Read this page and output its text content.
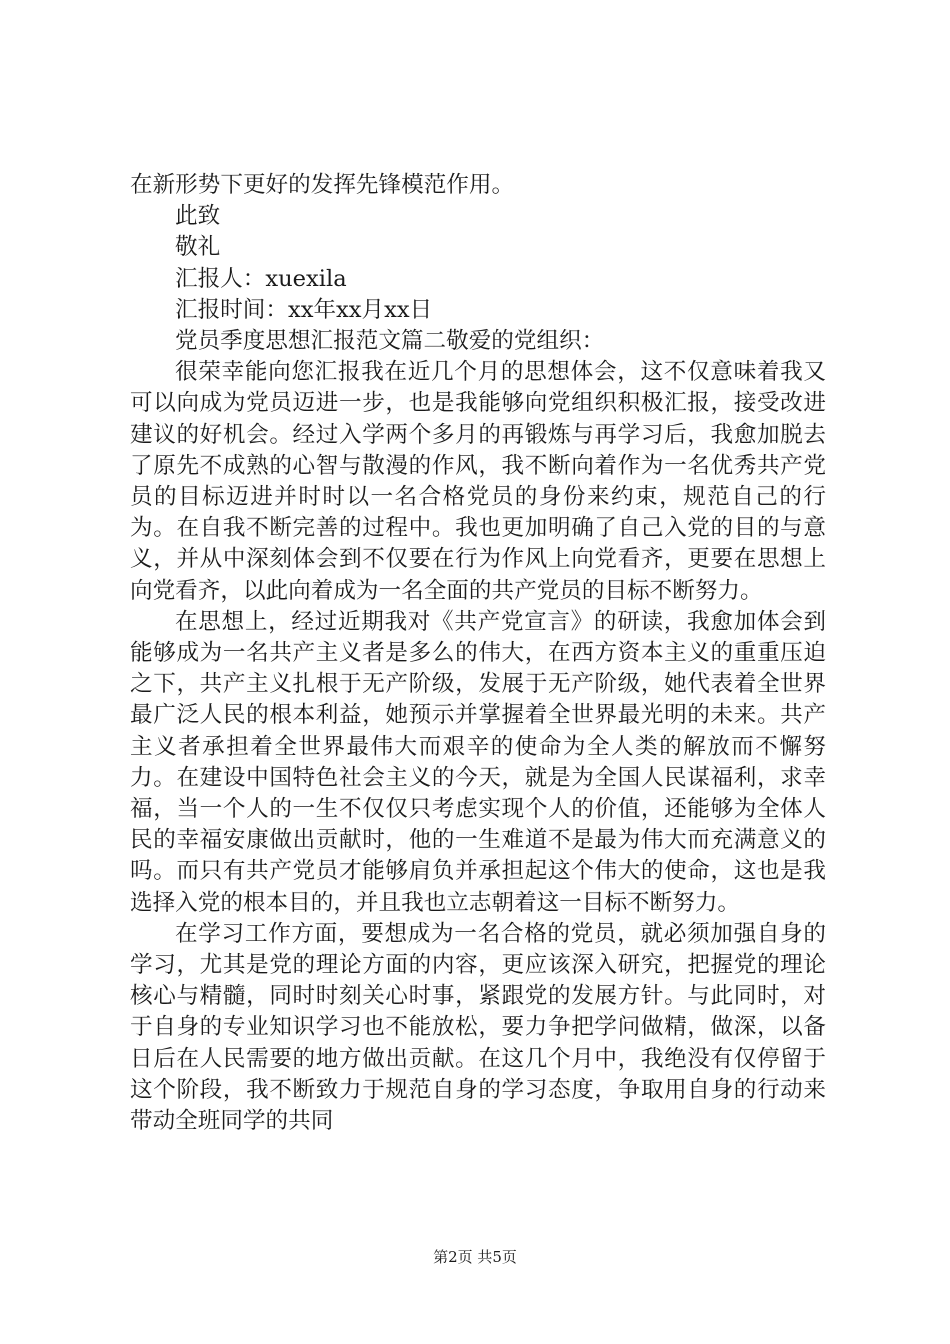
在新形势下更好的发挥先锋模范作用。
此致
敬礼
汇报人：xuexila
汇报时间：xx年xx月xx日
党员季度思想汇报范文篇二敬爱的党组织：

很荣幸能向您汇报我在近几个月的思想体会，这不仅意味着我又可以向成为党员迈进一步，也是我能够向党组织积极汇报，接受改进建议的好机会。经过入学两个多月的再锻炼与再学习后，我愈加脱去了原先不成熟的心智与散漫的作风，我不断向着作为一名优秀共产党员的目标迈进并时时以一名合格党员的身份来约束，规范自己的行为。在自我不断完善的过程中。我也更加明确了自己入党的目的与意义，并从中深刻体会到不仅要在行为作风上向党看齐，更要在思想上向党看齐，以此向着成为一名全面的共产党员的目标不断努力。

在思想上，经过近期我对《共产党宣言》的研读，我愈加体会到能够成为一名共产主义者是多么的伟大，在西方资本主义的重重压迫之下，共产主义扎根于无产阶级，发展于无产阶级，她代表着全世界最广泛人民的根本利益，她预示并掌握着全世界最光明的未来。共产主义者承担着全世界最伟大而艰辛的使命为全人类的解放而不懈努力。在建设中国特色社会主义的今天，就是为全国人民谋福利，求幸福，当一个人的一生不仅仅只考虑实现个人的价值，还能够为全体人民的幸福安康做出贡献时，他的一生难道不是最为伟大而充满意义的吗。而只有共产党员才能够肩负并承担起这个伟大的使命，这也是我选择入党的根本目的，并且我也立志朝着这一目标不断努力。

在学习工作方面，要想成为一名合格的党员，就必须加强自身的学习，尤其是党的理论方面的内容，更应该深入研究，把握党的理论核心与精髓，同时时刻关心时事，紧跟党的发展方针。与此同时，对于自身的专业知识学习也不能放松，要力争把学问做精，做深，以备日后在人民需要的地方做出贡献。在这几个月中，我绝没有仅停留于这个阶段，我不断致力于规范自身的学习态度，争取用自身的行动来带动全班同学的共同

第2页 共5页
